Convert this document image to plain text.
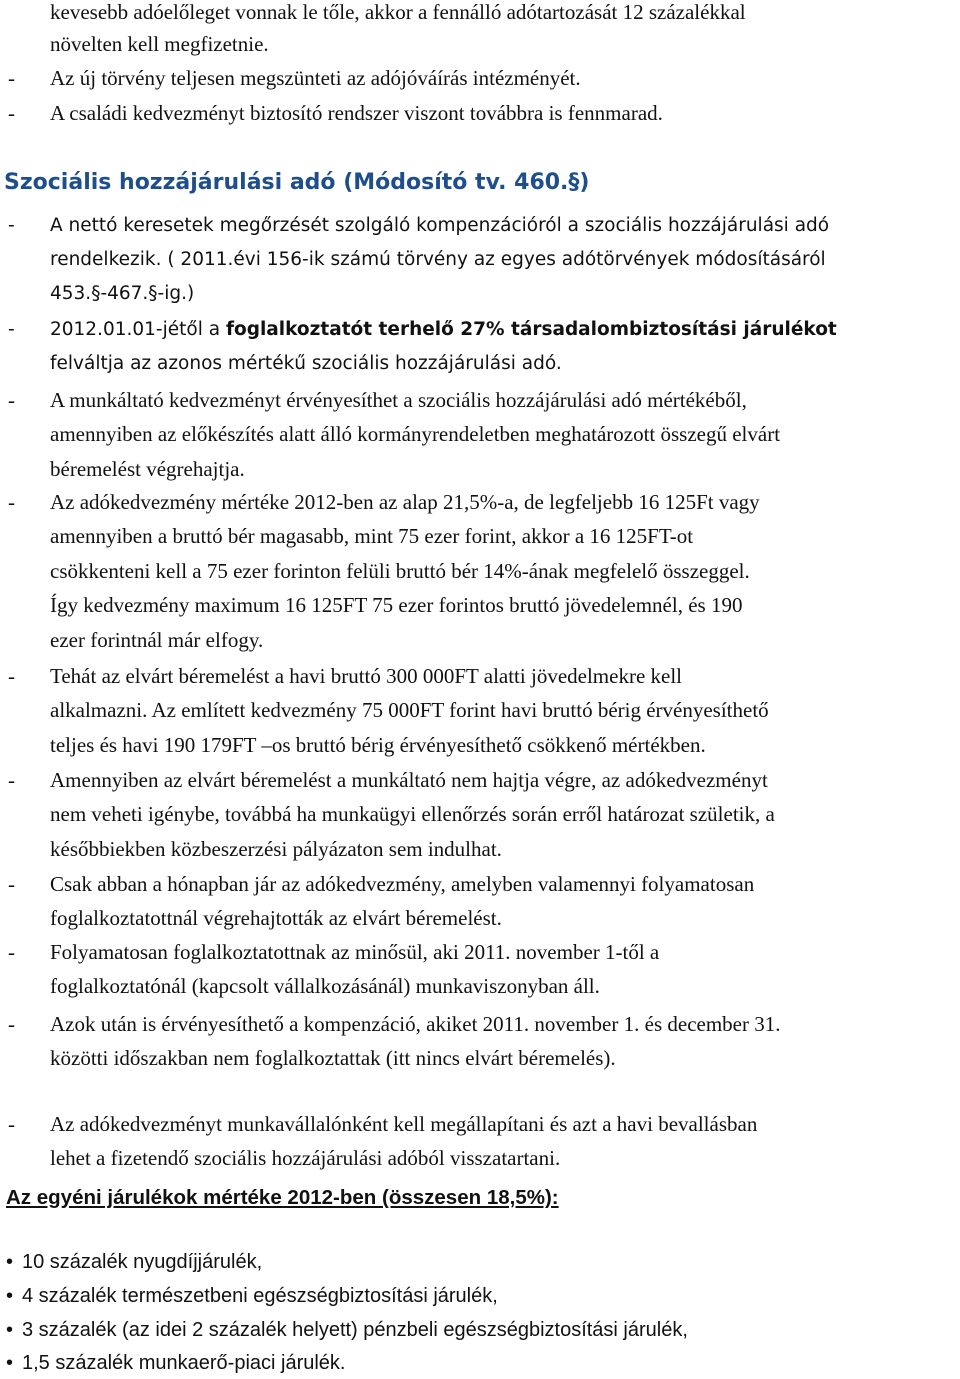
kevesebb adóelőleget vonnak le tőle, akkor a fennálló adótartozását 12 százalékkal
növelten kell megfizetnie.
- Az új törvény teljesen megszünteti az adójóváírás intézményét.
- A családi kedvezményt biztosító rendszer viszont továbbra is fennmarad.
Szociális hozzájárulási adó (Módosító tv. 460.§)
- A nettó keresetek megőrzését szolgáló kompenzációról a szociális hozzájárulási adó
rendelkezik. ( 2011.évi 156-ik számú törvény az egyes adótörvények módosításáról
453.§-467.§-ig.)
- 2012.01.01-jétől a foglalkoztatót terhelő 27% társadalombiztosítási járulékot
felváltja az azonos mértékű szociális hozzájárulási adó.
- A munkáltató kedvezményt érvényesíthet a szociális hozzájárulási adó mértékéből,
amennyiben az előkészítés alatt álló kormányrendeletben meghatározott összegű elvárt
béremelést végrehajtja.
- Az adókedvezmény mértéke 2012-ben az alap 21,5%-a, de legfeljebb 16 125Ft vagy
amennyiben a bruttó bér magasabb, mint 75 ezer forint, akkor a 16 125FT-ot
csökkenteni kell a 75 ezer forinton felüli bruttó bér 14%-ának megfelelő összeggel.
Így kedvezmény maximum 16 125FT 75 ezer forintos bruttó jövedelemnél, és 190
ezer forintnál már elfogy.
- Tehát az elvárt béremelést a havi bruttó 300 000FT alatti jövedelmekre kell
alkalmazni. Az említett kedvezmény 75 000FT forint havi bruttó bérig érvényesíthető
teljes és havi 190 179FT –os bruttó bérig érvényesíthető csökkenő mértékben.
- Amennyiben az elvárt béremelést a munkáltató nem hajtja végre, az adókedvezményt
nem veheti igénybe, továbbá ha munkaügyi ellenőrzés során erről határozat születik, a
későbbiekben közbeszerzési pályázaton sem indulhat.
- Csak abban a hónapban jár az adókedvezmény, amelyben valamennyi folyamatosan
foglalkoztatottnál végrehajtották az elvárt béremelést.
- Folyamatosan foglalkoztatottnak az minősül, aki 2011. november 1-től a
foglalkoztatónál (kapcsolt vállalkozásánál) munkaviszonyban áll.
- Azok után is érvényesíthető a kompenzáció, akiket 2011. november 1. és december 31.
közötti időszakban nem foglalkoztattak (itt nincs elvárt béremelés).
- Az adókedvezményt munkavállalónként kell megállapítani és azt a havi bevallásban
lehet a fizetendő szociális hozzájárulási adóból visszatartani.
Az egyéni járulékok mértéke 2012-ben (összesen 18,5%):
• 10 százalék nyugdíjjárulék,
• 4 százalék természetbeni egészségbiztosítási járulék,
• 3 százalék (az idei 2 százalék helyett) pénzbeli egészségbiztosítási járulék,
• 1,5 százalék munkaerő-piaci járulék.
